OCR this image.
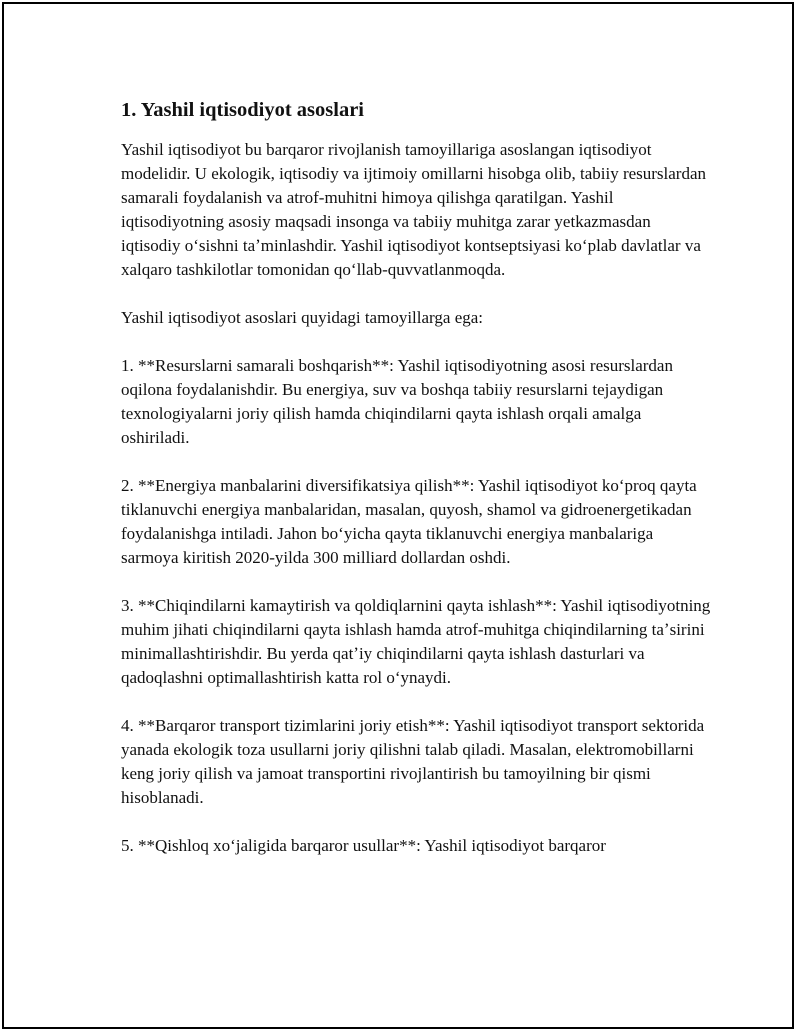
1. Yashil iqtisodiyot asoslari

Yashil iqtisodiyot bu barqaror rivojlanish tamoyillariga asoslangan iqtisodiyot modelidir. U ekologik, iqtisodiy va ijtimoiy omillarni hisobga olib, tabiiy resurslardan samarali foydalanish va atrof-muhitni himoya qilishga qaratilgan. Yashil iqtisodiyotning asosiy maqsadi insonga va tabiiy muhitga zarar yetkazmasdan iqtisodiy oʻsishni taʼminlashdir. Yashil iqtisodiyot kontseptsiyasi koʻplab davlatlar va xalqaro tashkilotlar tomonidan qoʻllab-quvvatlanmoqda.

Yashil iqtisodiyot asoslari quyidagi tamoyillarga ega:

1. **Resurslarni samarali boshqarish**: Yashil iqtisodiyotning asosi resurslardan oqilona foydalanishdir. Bu energiya, suv va boshqa tabiiy resurslarni tejaydigan texnologiyalarni joriy qilish hamda chiqindilarni qayta ishlash orqali amalga oshiriladi.

2. **Energiya manbalarini diversifikatsiya qilish**: Yashil iqtisodiyot koʻproq qayta tiklanuvchi energiya manbalaridan, masalan, quyosh, shamol va gidroenergetikadan foydalanishga intiladi. Jahon boʻyicha qayta tiklanuvchi energiya manbalariga sarmoya kiritish 2020-yilda 300 milliard dollardan oshdi.

3. **Chiqindilarni kamaytirish va qoldiqlarnini qayta ishlash**: Yashil iqtisodiyotning muhim jihati chiqindilarni qayta ishlash hamda atrof-muhitga chiqindilarning taʼsirini minimallashtirishdir. Bu yerda qatʼiy chiqindilarni qayta ishlash dasturlari va qadoqlashni optimallashtirish katta rol oʻynaydi.

4. **Barqaror transport tizimlarini joriy etish**: Yashil iqtisodiyot transport sektorida yanada ekologik toza usullarni joriy qilishni talab qiladi. Masalan, elektromobillarni keng joriy qilish va jamoat transportini rivojlantirish bu tamoyilning bir qismi hisoblanadi.

5. **Qishloq xoʻjaligida barqaror usullar**: Yashil iqtisodiyot barqaror
